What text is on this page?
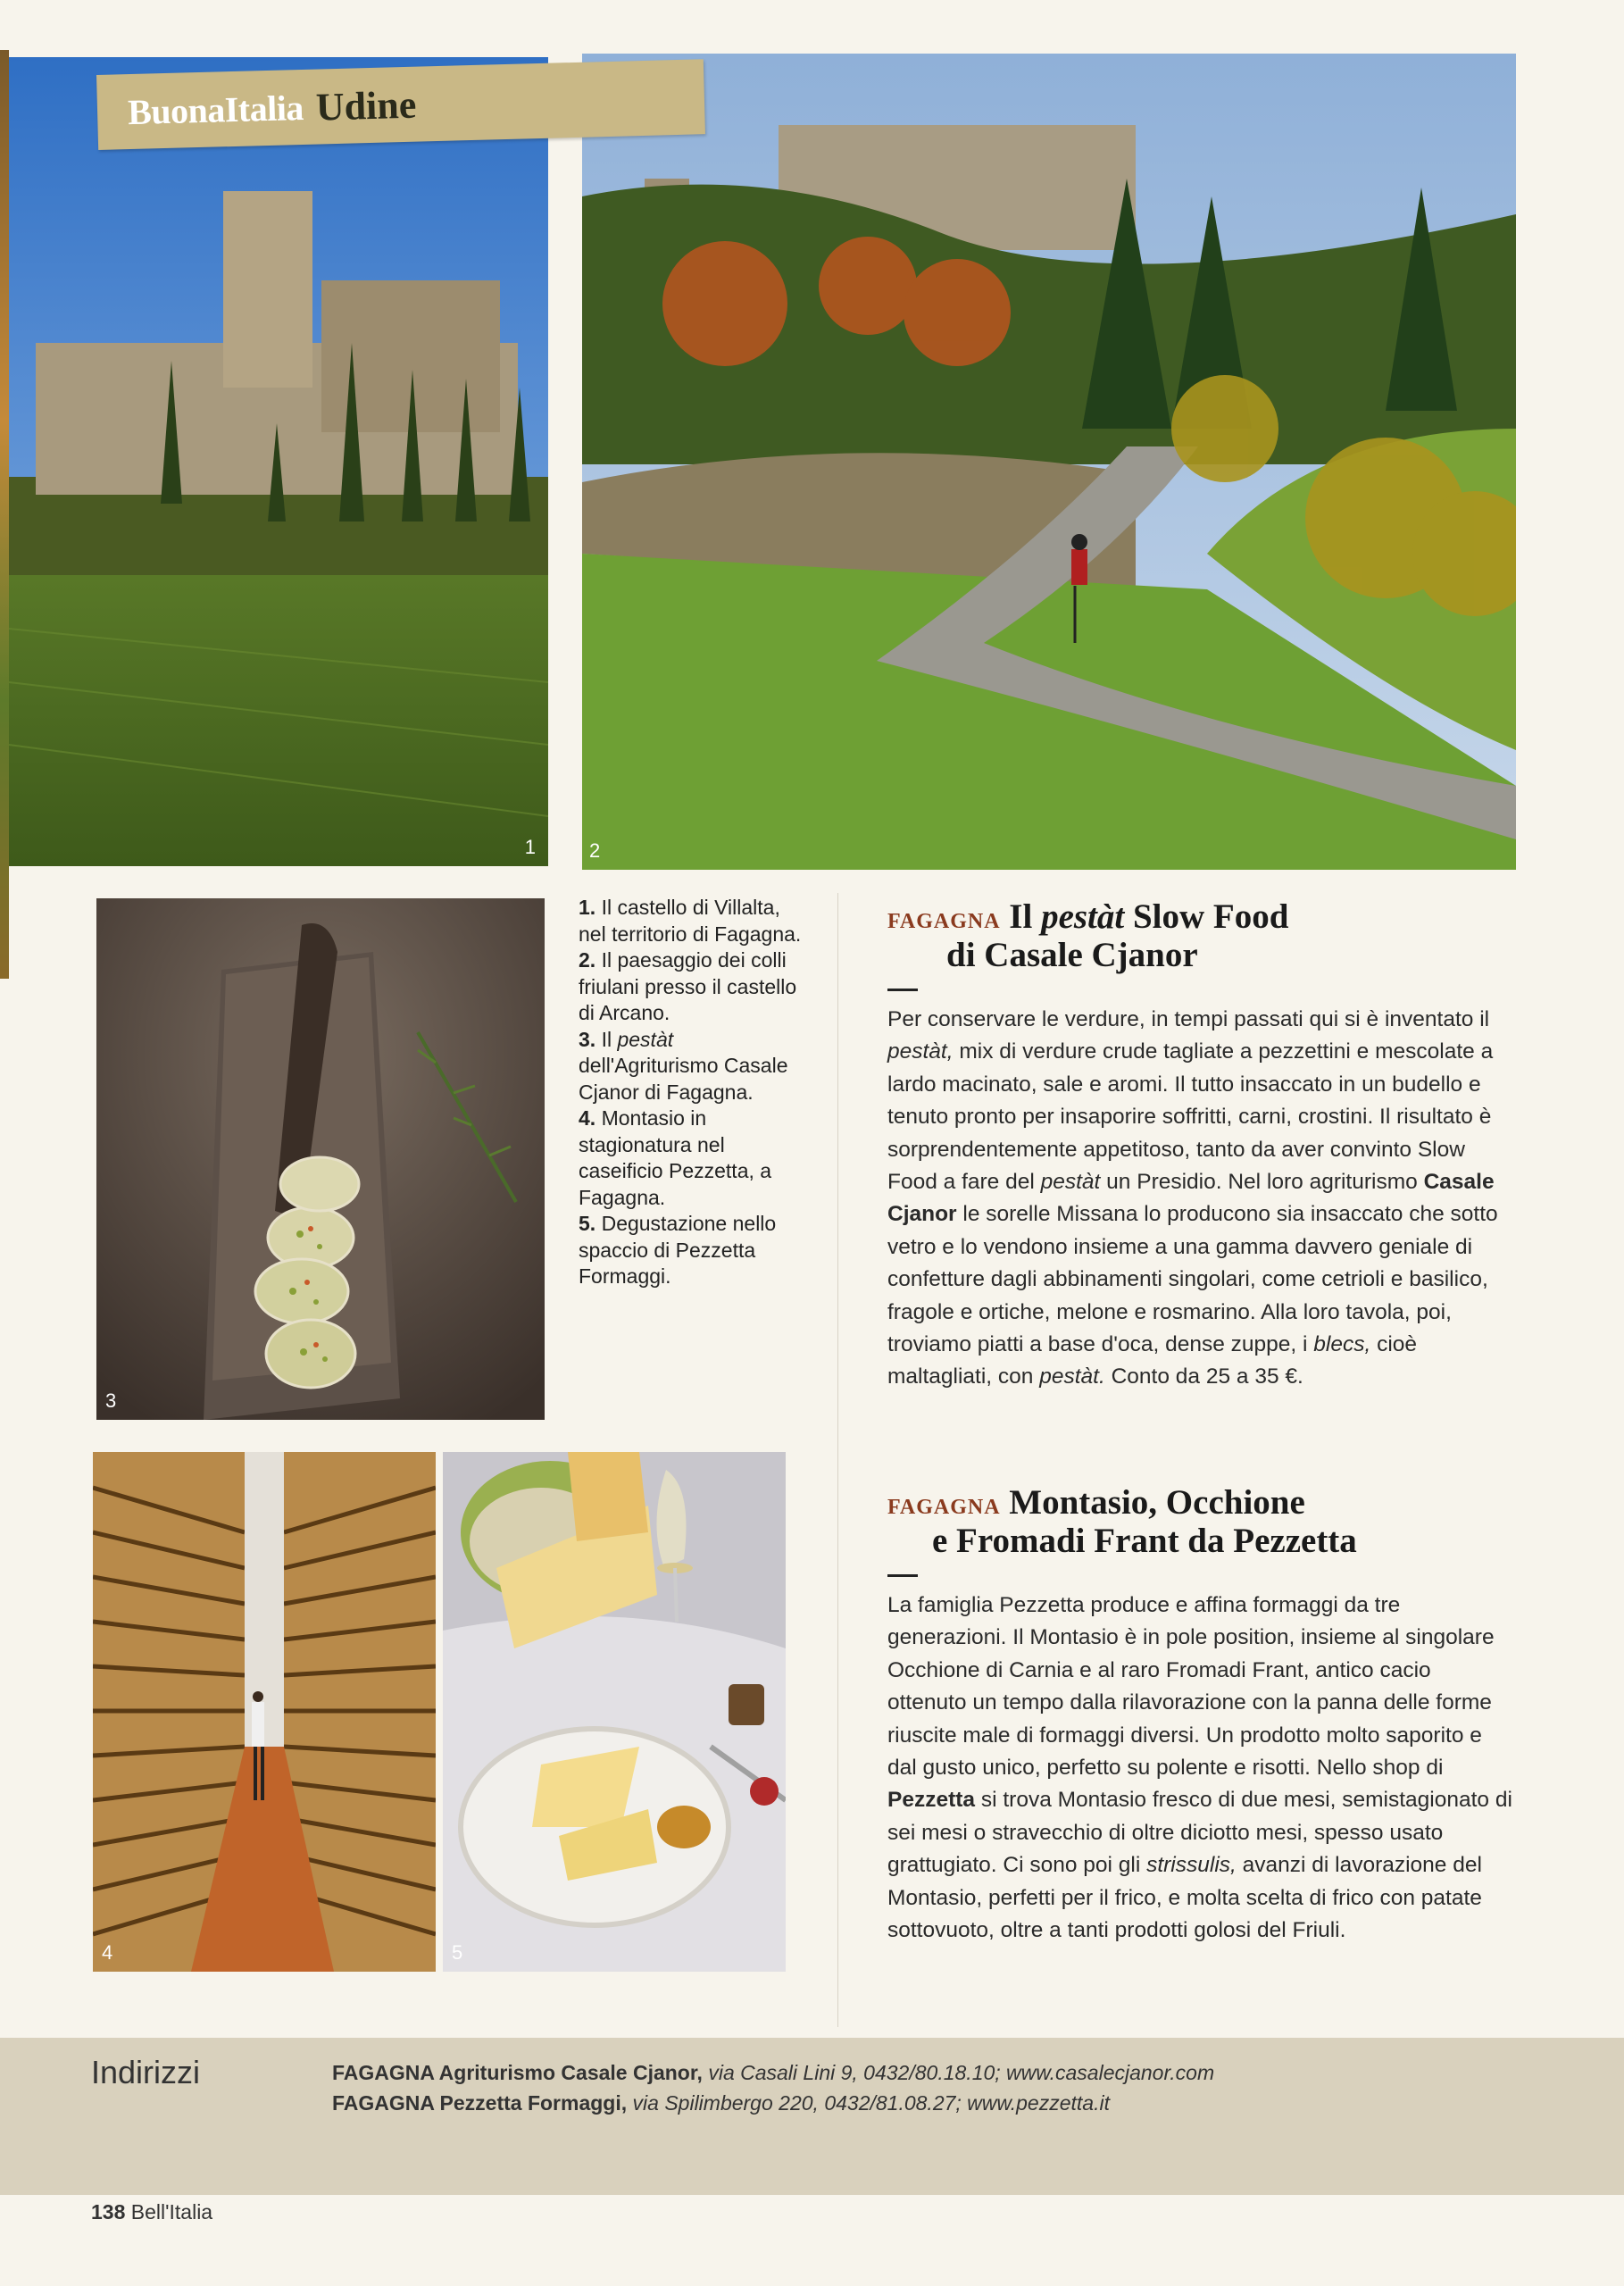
1	2
BuonaItalia Udine
3
4	5

1. Il castello di Villalta, nel territorio di Fagagna.

2. Il paesaggio dei colli friulani presso il castello di Arcano.

3. Il pestàt dell'Agriturismo Casale Cjanor di Fagagna.

4. Montasio in stagionatura nel caseificio Pezzetta, a Fagagna.

5. Degustazione nello spaccio di Pezzetta Formaggi.

FAGAGNA Il pestàt Slow Food
di Casale Cjanor

Per conservare le verdure, in tempi passati qui si è inventato il pestàt, mix di verdure crude tagliate a pezzettini e mescolate a lardo macinato, sale e aromi. Il tutto insaccato in un budello e tenuto pronto per insaporire soffritti, carni, crostini. Il risultato è sorprendentemente appetitoso, tanto da aver convinto Slow Food a fare del pestàt un Presidio. Nel loro agriturismo Casale Cjanor le sorelle Missana lo producono sia insaccato che sotto vetro e lo vendono insieme a una gamma davvero geniale di confetture dagli abbinamenti singolari, come cetrioli e basilico, fragole e ortiche, melone e rosmarino. Alla loro tavola, poi, troviamo piatti a base d'oca, dense zuppe, i blecs, cioè maltagliati, con pestàt. Conto da 25 a 35 €.

FAGAGNA Montasio, Occhione
e Fromadi Frant da Pezzetta

La famiglia Pezzetta produce e affina formaggi da tre generazioni. Il Montasio è in pole position, insieme al singolare Occhione di Carnia e al raro Fromadi Frant, antico cacio ottenuto un tempo dalla rilavorazione con la panna delle forme riuscite male di formaggi diversi. Un prodotto molto saporito e dal gusto unico, perfetto su polente e risotti. Nello shop di Pezzetta si trova Montasio fresco di due mesi, semistagionato di sei mesi o stravecchio di oltre diciotto mesi, spesso usato grattugiato. Ci sono poi gli strissulis, avanzi di lavorazione del Montasio, perfetti per il frico, e molta scelta di frico con patate sottovuoto, oltre a tanti prodotti golosi del Friuli.

Indirizzi	FAGAGNA Agriturismo Casale Cjanor, via Casali Lini 9, 0432/80.18.10; www.casalecjanor.com
FAGAGNA Pezzetta Formaggi, via Spilimbergo 220, 0432/81.08.27; www.pezzetta.it
138 Bell'Italia
